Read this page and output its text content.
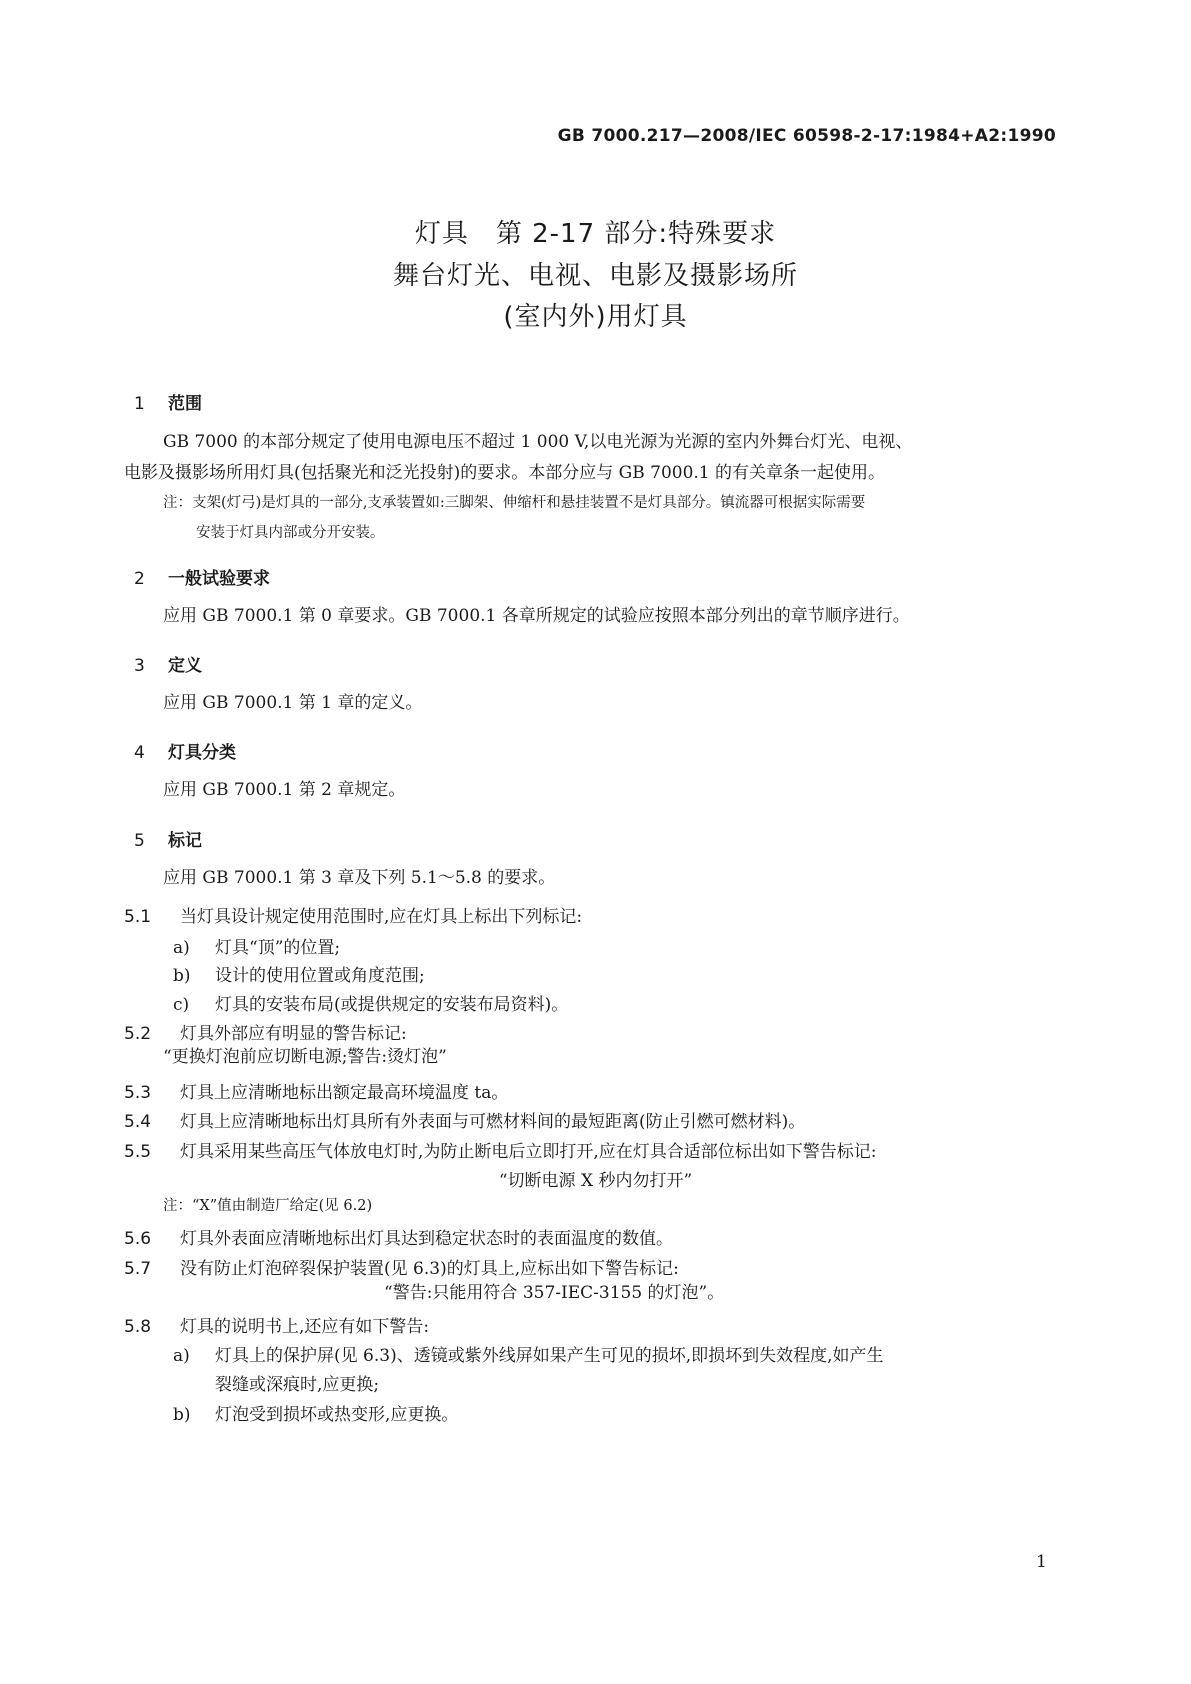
GB 7000.217—2008/IEC 60598-2-17:1984+A2:1990
灯具　第 2-17 部分:特殊要求
舞台灯光、电视、电影及摄影场所
(室内外)用灯具
1 范围
GB 7000 的本部分规定了使用电源电压不超过 1 000 V,以电光源为光源的室内外舞台灯光、电视、
电影及摄影场所用灯具(包括聚光和泛光投射)的要求。本部分应与 GB 7000.1 的有关章条一起使用。
注：支架(灯弓)是灯具的一部分,支承装置如:三脚架、伸缩杆和悬挂装置不是灯具部分。镇流器可根据实际需要
安装于灯具内部或分开安装。
2 一般试验要求
应用 GB 7000.1 第 0 章要求。GB 7000.1 各章所规定的试验应按照本部分列出的章节顺序进行。
3 定义
应用 GB 7000.1 第 1 章的定义。
4 灯具分类
应用 GB 7000.1 第 2 章规定。
5 标记
应用 GB 7000.1 第 3 章及下列 5.1～5.8 的要求。
5.1 当灯具设计规定使用范围时,应在灯具上标出下列标记:
a) 灯具“顶”的位置;
b) 设计的使用位置或角度范围;
c) 灯具的安装布局(或提供规定的安装布局资料)。
5.2 灯具外部应有明显的警告标记:
“更换灯泡前应切断电源;警告:烫灯泡”
5.3 灯具上应清晰地标出额定最高环境温度 ta。
5.4 灯具上应清晰地标出灯具所有外表面与可燃材料间的最短距离(防止引燃可燃材料)。
5.5 灯具采用某些高压气体放电灯时,为防止断电后立即打开,应在灯具合适部位标出如下警告标记:
“切断电源 X 秒内勿打开”
注：“X”值由制造厂给定(见 6.2)
5.6 灯具外表面应清晰地标出灯具达到稳定状态时的表面温度的数值。
5.7 没有防止灯泡碎裂保护装置(见 6.3)的灯具上,应标出如下警告标记:
“警告:只能用符合 357-IEC-3155 的灯泡”。
5.8 灯具的说明书上,还应有如下警告:
a) 灯具上的保护屏(见 6.3)、透镜或紫外线屏如果产生可见的损坏,即损坏到失效程度,如产生
裂缝或深痕时,应更换;
b) 灯泡受到损坏或热变形,应更换。
1
